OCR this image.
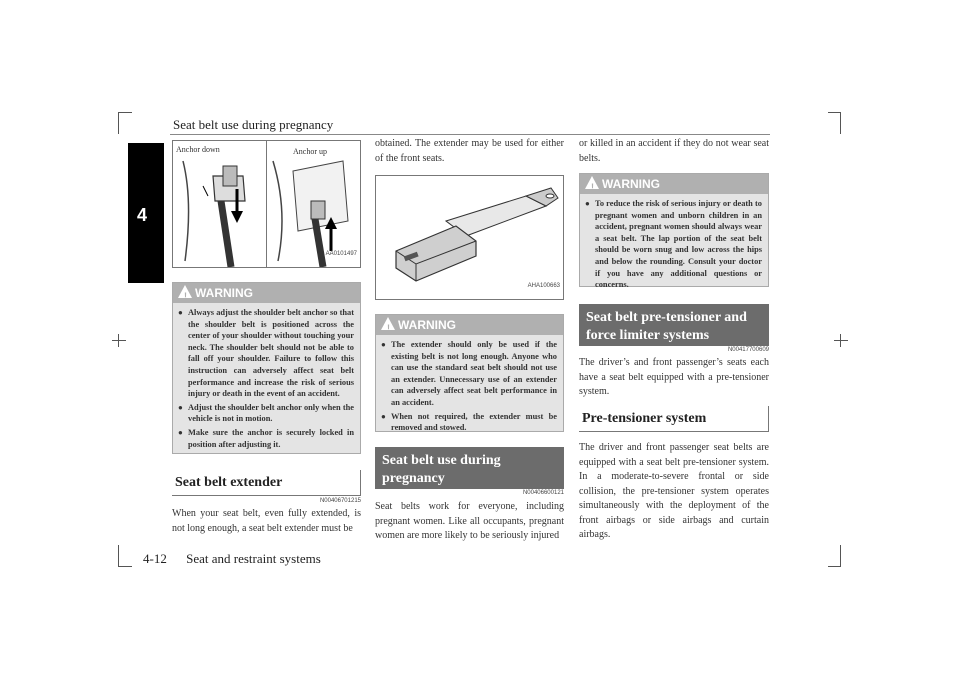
Seat belt use during pregnancy
4
Anchor down	Anchor up
AA0101497
! WARNING
● Always adjust the shoulder belt anchor so that the shoulder belt is positioned across the center of your shoulder without touching your neck. The shoulder belt should not be able to fall off your shoulder. Failure to follow this instruction can adversely affect seat belt performance and increase the risk of serious injury or death in the event of an accident.
● Adjust the shoulder belt anchor only when the vehicle is not in motion.
● Make sure the anchor is securely locked in position after adjusting it.
Seat belt extender
N00406701215
When your seat belt, even fully extended, is not long enough, a seat belt extender must be
obtained. The extender may be used for either of the front seats.
AHA100663
! WARNING
● The extender should only be used if the existing belt is not long enough. Anyone who can use the standard seat belt should not use an extender. Unnecessary use of an extender can adversely affect seat belt performance in an accident.
● When not required, the extender must be removed and stowed.
Seat belt use during pregnancy
N00406600121
Seat belts work for everyone, including pregnant women. Like all occupants, pregnant women are more likely to be seriously injured
or killed in an accident if they do not wear seat belts.
! WARNING
● To reduce the risk of serious injury or death to pregnant women and unborn children in an accident, pregnant women should always wear a seat belt. The lap portion of the seat belt should be worn snug and low across the hips and below the rounding. Consult your doctor if you have any additional questions or concerns.
Seat belt pre-tensioner and force limiter systems
N00417700609
The driver’s and front passenger’s seats each have a seat belt equipped with a pre-tensioner system.
Pre-tensioner system
The driver and front passenger seat belts are equipped with a seat belt pre-tensioner system. In a moderate-to-severe frontal or side collision, the pre-tensioner system operates simultaneously with the deployment of the front airbags or side airbags and curtain airbags.
4-12 Seat and restraint systems
